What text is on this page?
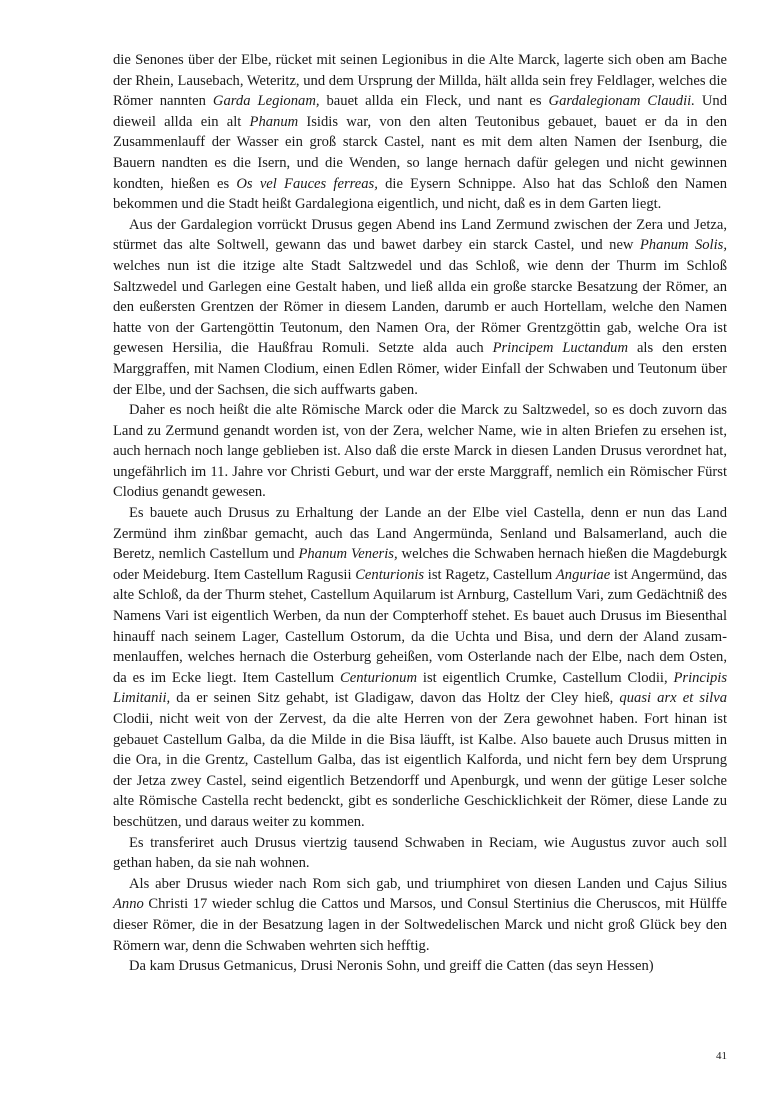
die Senones über der Elbe, rücket mit seinen Legionibus in die Alte Marck, lagerte sich oben am Bache der Rhein, Lausebach, Weteritz, und dem Ursprung der Millda, hält allda sein frey Feldlager, welches die Römer nannten Garda Legionam, bauet allda ein Fleck, und nant es Gardalegionam Claudii. Und dieweil allda ein alt Phanum Isidis war, von den alten Teutonibus gebauet, bauet er da in den Zusammenlauff der Wasser ein groß starck Castel, nant es mit dem alten Namen der Isenburg, die Bauern nandten es die Isern, und die Wenden, so lange hernach dafür gelegen und nicht gewinnen kondten, hießen es Os vel Fauces ferreas, die Eysern Schnippe. Also hat das Schloß den Namen bekommen und die Stadt heißt Gardalegiona eigentlich, und nicht, daß es in dem Garten liegt.

Aus der Gardalegion vorrückt Drusus gegen Abend ins Land Zermund zwischen der Zera und Jetza, stürmet das alte Soltwell, gewann das und bawet darbey ein starck Castel, und new Phanum Solis, welches nun ist die itzige alte Stadt Saltzwedel und das Schloß, wie denn der Thurm im Schloß Saltzwedel und Garlegen eine Gestalt haben, und ließ allda ein große starcke Besatzung der Römer, an den eußersten Grentzen der Römer in diesem Landen, darumb er auch Hortellam, welche den Namen hatte von der Gartengöttin Teutonum, den Namen Ora, der Römer Grentzgöttin gab, welche Ora ist gewesen Hersilia, die Haußfrau Romuli. Setzte alda auch Principem Luctandum als den ersten Marggraffen, mit Namen Clodium, einen Edlen Römer, wider Einfall der Schwaben und Teutonum über der Elbe, und der Sachsen, die sich auffwarts gaben.

Daher es noch heißt die alte Römische Marck oder die Marck zu Saltzwedel, so es doch zuvorn das Land zu Zermund genandt worden ist, von der Zera, welcher Name, wie in alten Briefen zu ersehen ist, auch hernach noch lange geblieben ist. Also daß die erste Marck in diesen Landen Drusus verordnet hat, ungefährlich im 11. Jahre vor Christi Geburt, und war der erste Marggraff, nemlich ein Römischer Fürst Clodius genandt gewesen.

Es bauete auch Drusus zu Erhaltung der Lande an der Elbe viel Castella, denn er nun das Land Zermünd ihm zinßbar gemacht, auch das Land Angermünda, Senland und Balsamerland, auch die Beretz, nemlich Castellum und Phanum Veneris, welches die Schwaben hernach hießen die Magdeburgk oder Meideburg. Item Castellum Ragusii Centurionis ist Ragetz, Castellum Anguriae ist Angermünd, das alte Schloß, da der Thurm stehet, Castellum Aquilarum ist Arnburg, Castellum Vari, zum Gedächtniß des Namens Vari ist eigentlich Werben, da nun der Compterhoff stehet. Es bauet auch Drusus im Biesenthal hinauff nach seinem Lager, Castellum Ostorum, da die Uchta und Bisa, und dern der Aland zusammenlauffen, welches hernach die Osterburg geheißen, vom Osterlande nach der Elbe, nach dem Osten, da es im Ecke liegt. Item Castellum Centurionum ist eigentlich Crumke, Castellum Clodii, Principis Limitanii, da er seinen Sitz gehabt, ist Gladigaw, davon das Holtz der Cley hieß, quasi arx et silva Clodii, nicht weit von der Zervest, da die alte Herren von der Zera gewohnet haben. Fort hinan ist gebauet Castellum Galba, da die Milde in die Bisa läufft, ist Kalbe. Also bauete auch Drusus mitten in die Ora, in die Grentz, Castellum Galba, das ist eigentlich Kalforda, und nicht fern bey dem Ursprung der Jetza zwey Castel, seind eigentlich Betzendorff und Apenburgk, und wenn der gütige Leser solche alte Römische Castella recht bedenckt, gibt es sonderliche Geschicklichkeit der Römer, diese Lande zu beschützen, und daraus weiter zu kommen.

Es transferiret auch Drusus viertzig tausend Schwaben in Reciam, wie Augustus zuvor auch soll gethan haben, da sie nah wohnen.

Als aber Drusus wieder nach Rom sich gab, und triumphiret von diesen Landen und Cajus Silius Anno Christi 17 wieder schlug die Cattos und Marsos, und Consul Stertinius die Cheruscos, mit Hülffe dieser Römer, die in der Besatzung lagen in der Soltwedelischen Marck und nicht groß Glück bey den Römern war, denn die Schwaben wehrten sich hefftig.

Da kam Drusus Getmanicus, Drusi Neronis Sohn, und greiff die Catten (das seyn Hessen)

41
